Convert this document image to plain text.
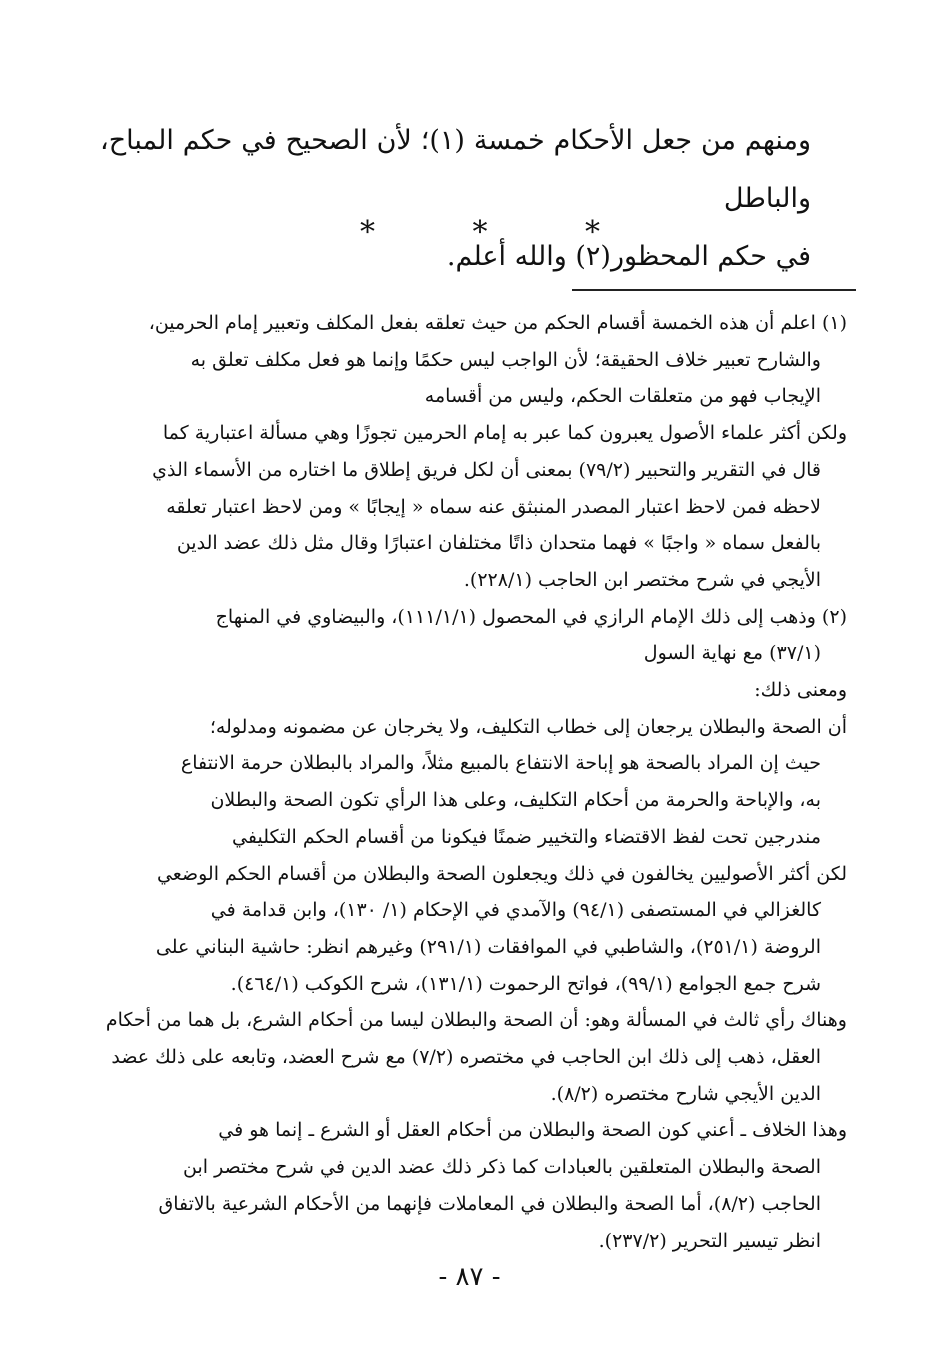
ومنهم من جعل الأحكام خمسة (١)؛ لأن الصحيح في حكم المباح، والباطل

في حكم المحظور(٢) والله أعلم.

*	*	*

(١) اعلم أن هذه الخمسة أقسام الحكم من حيث تعلقه بفعل المكلف وتعبير إمام الحرمين،

والشارح تعبير خلاف الحقيقة؛ لأن الواجب ليس حكمًا وإنما هو فعل مكلف تعلق به

الإيجاب فهو من متعلقات الحكم، وليس من أقسامه

ولكن أكثر علماء الأصول يعبرون كما عبر به إمام الحرمين تجوزًا وهي مسألة اعتبارية كما

قال في التقرير والتحبير (٧٩/٢) بمعنى أن لكل فريق إطلاق ما اختاره من الأسماء الذي

لاحظه فمن لاحظ اعتبار المصدر المنبثق عنه سماه « إيجابًا » ومن لاحظ اعتبار تعلقه

بالفعل سماه « واجبًا » فهما متحدان ذاتًا مختلفان اعتبارًا وقال مثل ذلك عضد الدين

الأيجي في شرح مختصر ابن الحاجب (٢٢٨/١).

(٢) وذهب إلى ذلك الإمام الرازي في المحصول (١١١/١/١)، والبيضاوي في المنهاج

(٣٧/١) مع نهاية السول

ومعنى ذلك:

أن الصحة والبطلان يرجعان إلى خطاب التكليف، ولا يخرجان عن مضمونه ومدلوله؛

حيث إن المراد بالصحة هو إباحة الانتفاع بالمبيع مثلاً، والمراد بالبطلان حرمة الانتفاع

به، والإباحة والحرمة من أحكام التكليف، وعلى هذا الرأي تكون الصحة والبطلان

مندرجين تحت لفظ الاقتضاء والتخيير ضمنًا فيكونا من أقسام الحكم التكليفي

لكن أكثر الأصوليين يخالفون في ذلك ويجعلون الصحة والبطلان من أقسام الحكم الوضعي

كالغزالي في المستصفى (٩٤/١) والآمدي في الإحكام (١/ ١٣٠)، وابن قدامة في

الروضة (٢٥١/١)، والشاطبي في الموافقات (٢٩١/١) وغيرهم انظر: حاشية البناني على

شرح جمع الجوامع (٩٩/١)، فواتح الرحموت (١٣١/١)، شرح الكوكب (٤٦٤/١).

وهناك رأي ثالث في المسألة وهو: أن الصحة والبطلان ليسا من أحكام الشرع، بل هما من أحكام

العقل، ذهب إلى ذلك ابن الحاجب في مختصره (٧/٢) مع شرح العضد، وتابعه على ذلك عضد

الدين الأيجي شارح مختصره (٨/٢).

وهذا الخلاف ـ أعني كون الصحة والبطلان من أحكام العقل أو الشرع ـ إنما هو في

الصحة والبطلان المتعلقين بالعبادات كما ذكر ذلك عضد الدين في شرح مختصر ابن

الحاجب (٨/٢)، أما الصحة والبطلان في المعاملات فإنهما من الأحكام الشرعية بالاتفاق

انظر تيسير التحرير (٢٣٧/٢).

- ٨٧ -
